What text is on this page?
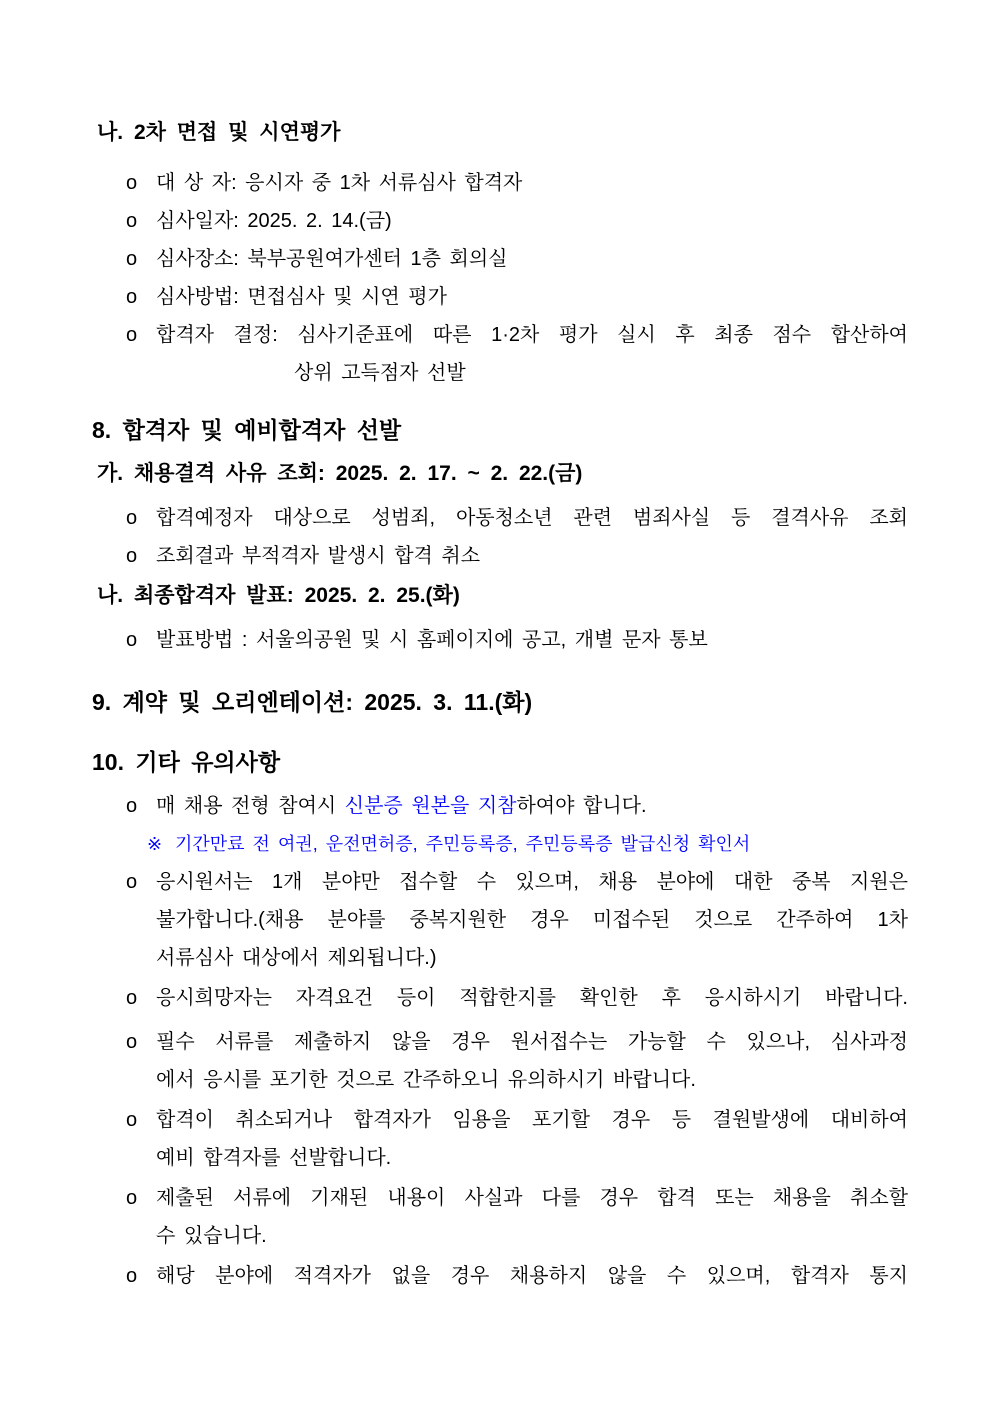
나. 2차 면접 및 시연평가
o 대 상 자: 응시자 중 1차 서류심사 합격자
o 심사일자: 2025. 2. 14.(금)
o 심사장소: 북부공원여가센터 1층 회의실
o 심사방법: 면접심사 및 시연 평가
o 합격자 결정: 심사기준표에 따른 1·2차 평가 실시 후 최종 점수 합산하여
상위 고득점자 선발
8. 합격자 및 예비합격자 선발
가. 채용결격 사유 조회: 2025. 2. 17. ~ 2. 22.(금)
o 합격예정자 대상으로 성범죄, 아동청소년 관련 범죄사실 등 결격사유 조회
o 조회결과 부적격자 발생시 합격 취소
나. 최종합격자 발표: 2025. 2. 25.(화)
o 발표방법 : 서울의공원 및 시 홈페이지에 공고, 개별 문자 통보
9. 계약 및 오리엔테이션: 2025. 3. 11.(화)
10. 기타 유의사항
o 매 채용 전형 참여시 신분증 원본을 지참하여야 합니다.
※ 기간만료 전 여권, 운전면허증, 주민등록증, 주민등록증 발급신청 확인서
o 응시원서는 1개 분야만 접수할 수 있으며, 채용 분야에 대한 중복 지원은
불가합니다.(채용 분야를 중복지원한 경우 미접수된 것으로 간주하여 1차
서류심사 대상에서 제외됩니다.)
o 응시희망자는 자격요건 등이 적합한지를 확인한 후 응시하시기 바랍니다.
o 필수 서류를 제출하지 않을 경우 원서접수는 가능할 수 있으나, 심사과정
에서 응시를 포기한 것으로 간주하오니 유의하시기 바랍니다.
o 합격이 취소되거나 합격자가 임용을 포기할 경우 등 결원발생에 대비하여
예비 합격자를 선발합니다.
o 제출된 서류에 기재된 내용이 사실과 다를 경우 합격 또는 채용을 취소할
수 있습니다.
o 해당 분야에 적격자가 없을 경우 채용하지 않을 수 있으며, 합격자 통지
